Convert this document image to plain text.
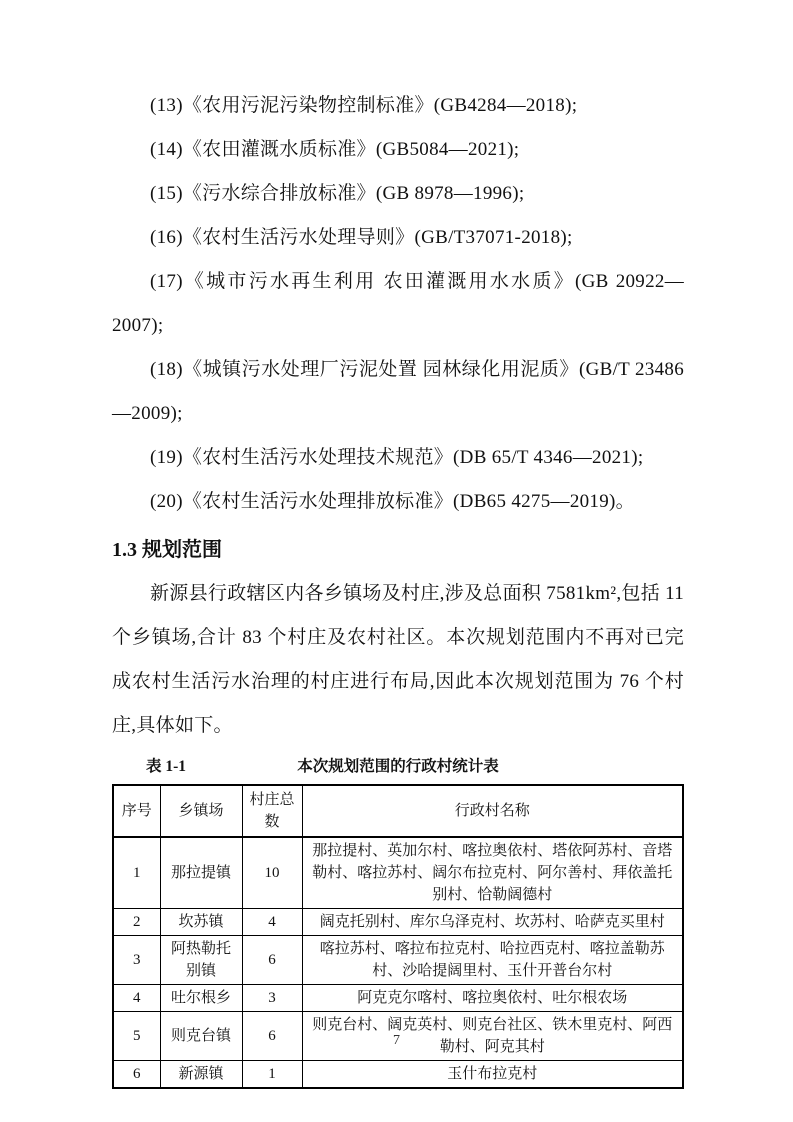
(13)《农用污泥污染物控制标准》(GB4284—2018);

(14)《农田灌溉水质标准》(GB5084—2021);

(15)《污水综合排放标准》(GB 8978—1996);

(16)《农村生活污水处理导则》(GB/T37071-2018);

(17)《城市污水再生利用 农田灌溉用水水质》(GB 20922—2007);

(18)《城镇污水处理厂污泥处置 园林绿化用泥质》(GB/T 23486—2009);

(19)《农村生活污水处理技术规范》(DB 65/T 4346—2021);

(20)《农村生活污水处理排放标准》(DB65 4275—2019)。

1.3 规划范围

新源县行政辖区内各乡镇场及村庄,涉及总面积 7581km²,包括 11 个乡镇场,合计 83 个村庄及农村社区。本次规划范围内不再对已完成农村生活污水治理的村庄进行布局,因此本次规划范围为 76 个村庄,具体如下。

表 1-1	本次规划范围的行政村统计表
序号	乡镇场	村庄总数	行政村名称
1	那拉提镇	10	那拉提村、英加尔村、喀拉奥依村、塔依阿苏村、音塔勒村、喀拉苏村、阔尔布拉克村、阿尔善村、拜依盖托别村、恰勒阔德村
2	坎苏镇	4	阔克托别村、库尔乌泽克村、坎苏村、哈萨克买里村
3	阿热勒托别镇	6	喀拉苏村、喀拉布拉克村、哈拉西克村、喀拉盖勒苏村、沙哈提阔里村、玉什开普台尔村
4	吐尔根乡	3	阿克克尔喀村、喀拉奥依村、吐尔根农场
5	则克台镇	6	则克台村、阔克英村、则克台社区、铁木里克村、阿西勒村、阿克其村
6	新源镇	1	玉什布拉克村
7
